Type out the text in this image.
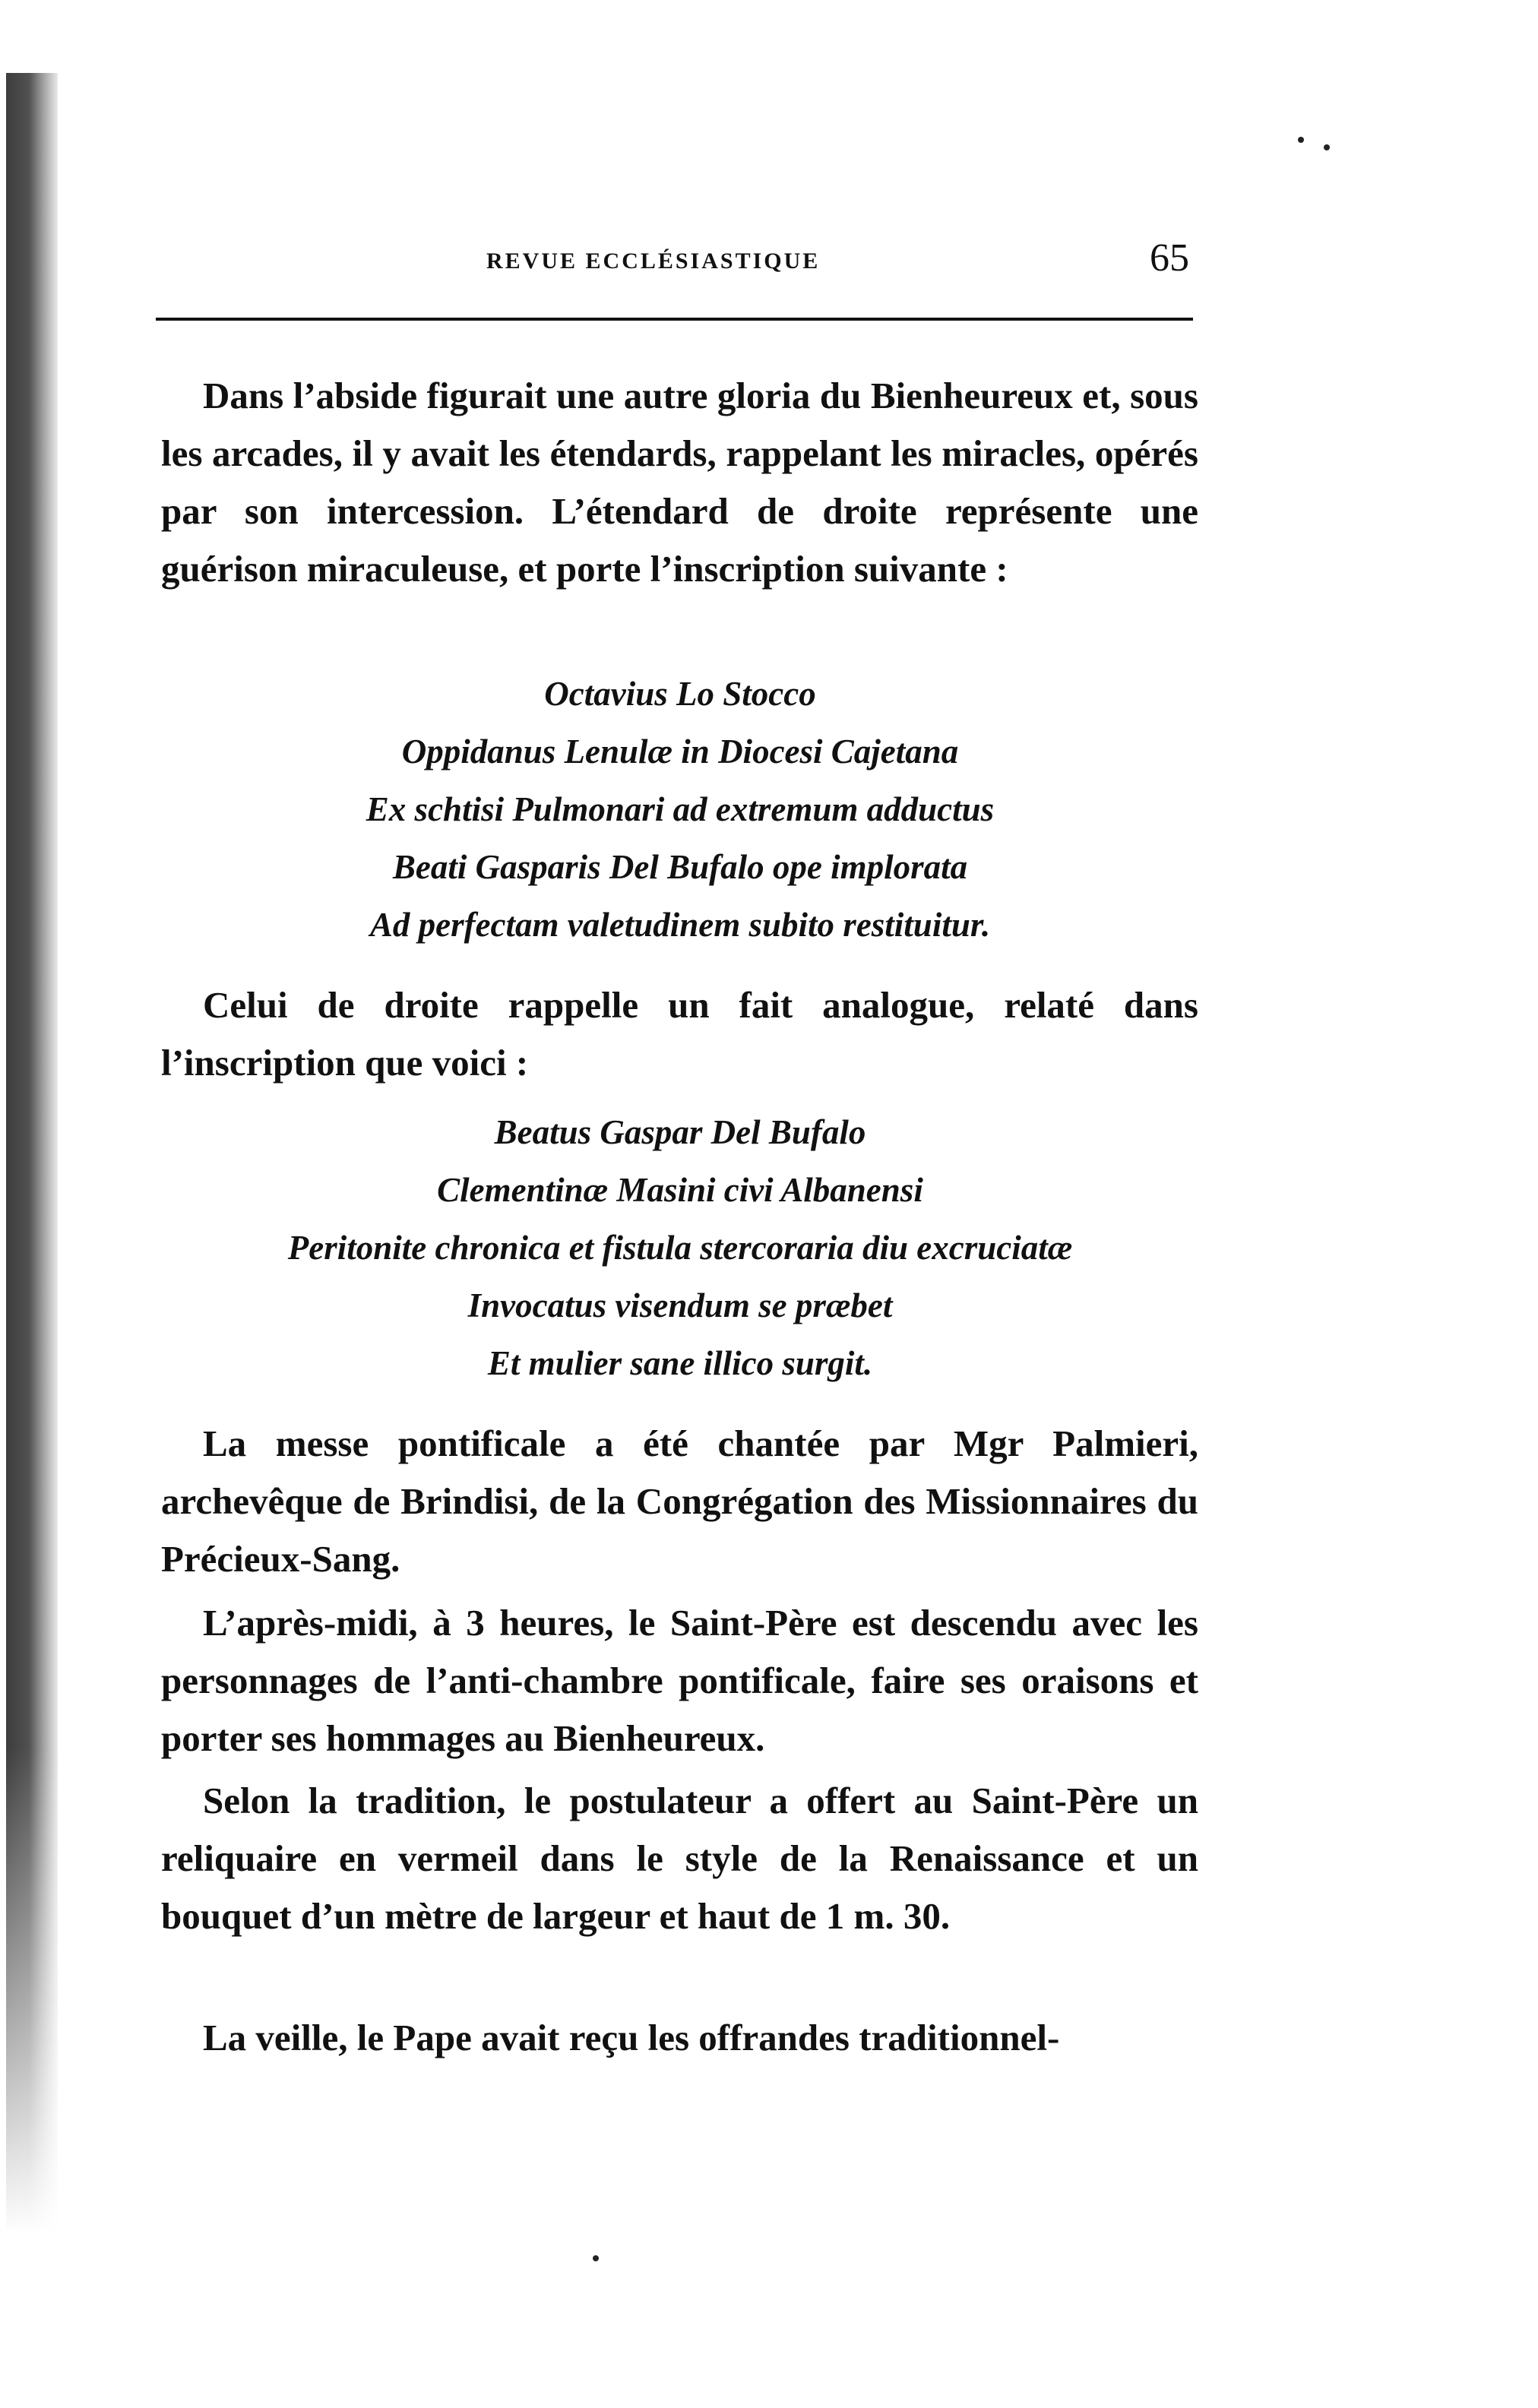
REVUE ECCLÉSIASTIQUE	65

Dans l’abside figurait une autre gloria du Bienheureux et, sous les arcades, il y avait les étendards, rappelant les miracles, opérés par son intercession. L’étendard de droite représente une guérison miraculeuse, et porte l’inscription suivante :

Octavius Lo Stocco

Oppidanus Lenulæ in Diocesi Cajetana

Ex schtisi Pulmonari ad extremum adductus

Beati Gasparis Del Bufalo ope implorata

Ad perfectam valetudinem subito restituitur.

Celui de droite rappelle un fait analogue, relaté dans l’inscription que voici :

Beatus Gaspar Del Bufalo

Clementinæ Masini civi Albanensi

Peritonite chronica et fistula stercoraria diu excruciatæ

Invocatus visendum se præbet

Et mulier sane illico surgit.

La messe pontificale a été chantée par Mgr Palmieri, archevêque de Brindisi, de la Congrégation des Missionnaires du Précieux-Sang.

L’après-midi, à 3 heures, le Saint-Père est descendu avec les personnages de l’anti-chambre pontificale, faire ses oraisons et porter ses hommages au Bienheureux.

Selon la tradition, le postulateur a offert au Saint-Père un reliquaire en vermeil dans le style de la Renaissance et un bouquet d’un mètre de largeur et haut de 1 m. 30.

La veille, le Pape avait reçu les offrandes traditionnel-
